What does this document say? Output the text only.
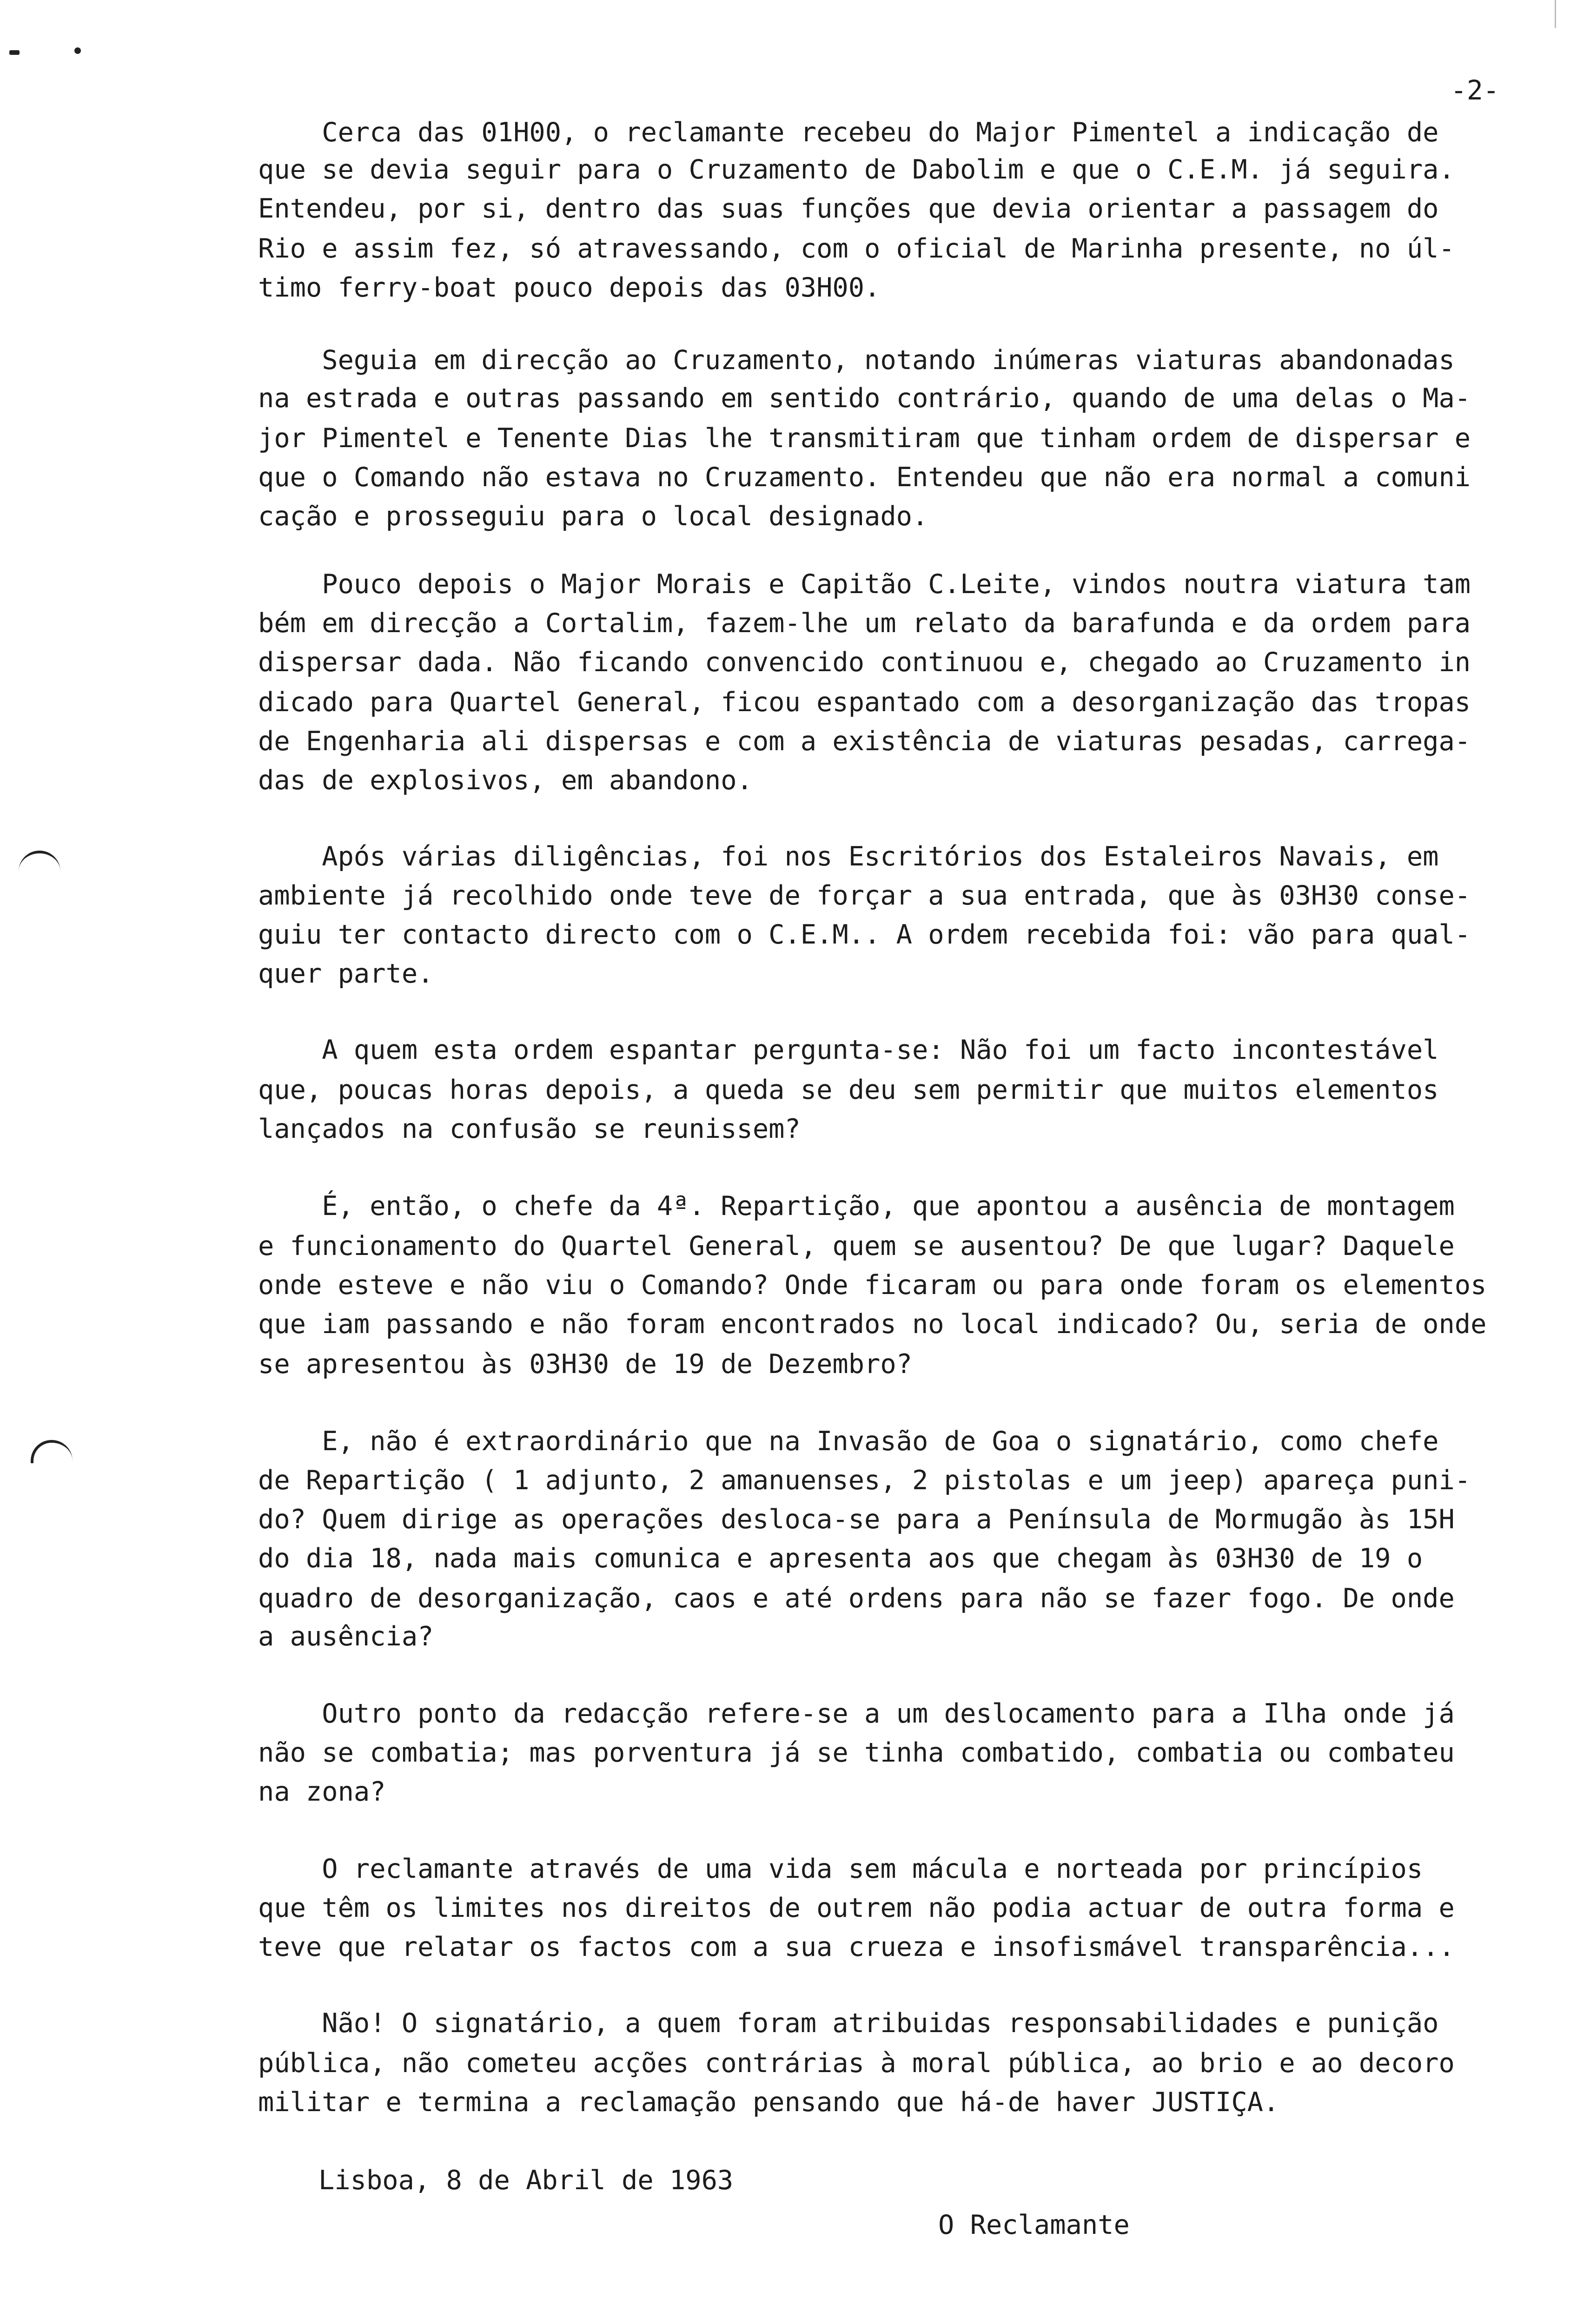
-2-
Cerca das 01H00, o reclamante recebeu do Major Pimentel a indicação de
que se devia seguir para o Cruzamento de Dabolim e que o C.E.M. já seguira.
Entendeu, por si, dentro das suas funções que devia orientar a passagem do
Rio e assim fez, só atravessando, com o oficial de Marinha presente, no úl-
timo ferry-boat pouco depois das 03H00.
Seguia em direcção ao Cruzamento, notando inúmeras viaturas abandonadas
na estrada e outras passando em sentido contrário, quando de uma delas o Ma-
jor Pimentel e Tenente Dias lhe transmitiram que tinham ordem de dispersar e
que o Comando não estava no Cruzamento. Entendeu que não era normal a comuni
cação e prosseguiu para o local designado.
Pouco depois o Major Morais e Capitão C.Leite, vindos noutra viatura tam
bém em direcção a Cortalim, fazem-lhe um relato da barafunda e da ordem para
dispersar dada. Não ficando convencido continuou e, chegado ao Cruzamento in
dicado para Quartel General, ficou espantado com a desorganização das tropas
de Engenharia ali dispersas e com a existência de viaturas pesadas, carrega-
das de explosivos, em abandono.
Após várias diligências, foi nos Escritórios dos Estaleiros Navais, em
ambiente já recolhido onde teve de forçar a sua entrada, que às 03H30 conse-
guiu ter contacto directo com o C.E.M.. A ordem recebida foi: vão para qual-
quer parte.
A quem esta ordem espantar pergunta-se: Não foi um facto incontestável
que, poucas horas depois, a queda se deu sem permitir que muitos elementos
lançados na confusão se reunissem?
É, então, o chefe da 4ª. Repartição, que apontou a ausência de montagem
e funcionamento do Quartel General, quem se ausentou? De que lugar? Daquele
onde esteve e não viu o Comando? Onde ficaram ou para onde foram os elementos
que iam passando e não foram encontrados no local indicado? Ou, seria de onde
se apresentou às 03H30 de 19 de Dezembro?
E, não é extraordinário que na Invasão de Goa o signatário, como chefe
de Repartição ( 1 adjunto, 2 amanuenses, 2 pistolas e um jeep) apareça puni-
do? Quem dirige as operações desloca-se para a Península de Mormugão às 15H
do dia 18, nada mais comunica e apresenta aos que chegam às 03H30 de 19 o
quadro de desorganização, caos e até ordens para não se fazer fogo. De onde
a ausência?
Outro ponto da redacção refere-se a um deslocamento para a Ilha onde já
não se combatia; mas porventura já se tinha combatido, combatia ou combateu
na zona?
O reclamante através de uma vida sem mácula e norteada por princípios
que têm os limites nos direitos de outrem não podia actuar de outra forma e
teve que relatar os factos com a sua crueza e insofismável transparência...
Não! O signatário, a quem foram atribuidas responsabilidades e punição
pública, não cometeu acções contrárias à moral pública, ao brio e ao decoro
militar e termina a reclamação pensando que há-de haver JUSTIÇA.
Lisboa, 8 de Abril de 1963
O Reclamante
